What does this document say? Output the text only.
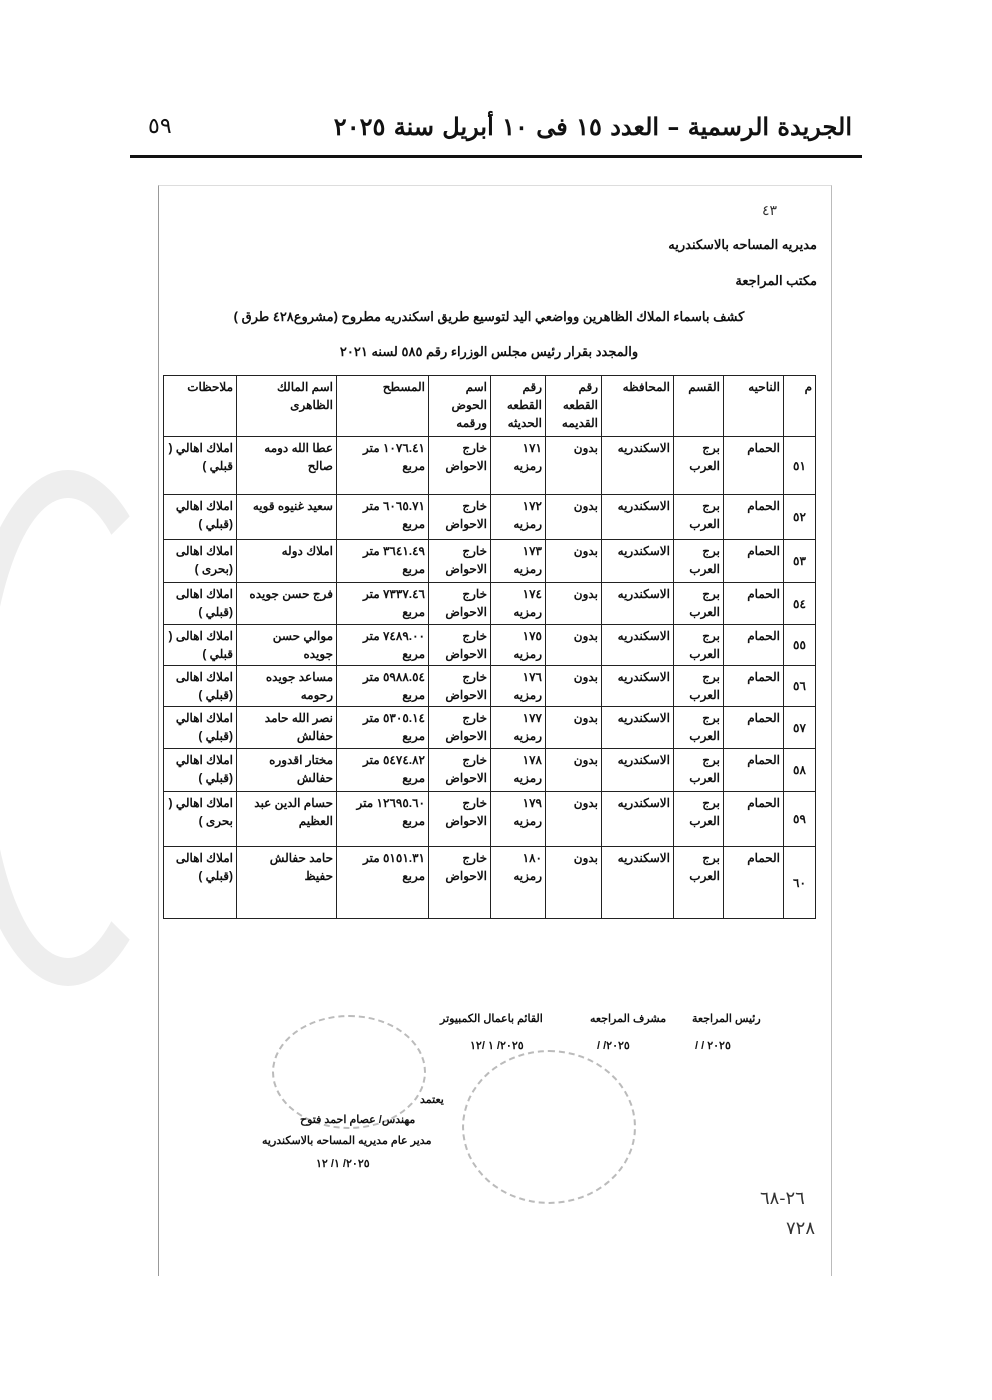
الجريدة الرسمية – العدد ١٥ فى ١٠ أبريل سنة ٢٠٢٥
٥٩
٤٣
مديريه المساحه بالاسكندريه
مكتب المراجعة
كشف باسماء الملاك الظاهرين وواضعي اليد لتوسيع طريق اسكندريه مطروح (مشروع٤٢٨ طرق )
والمجدد بقرار رئيس مجلس الوزراء رقم ٥٨٥ لسنه ٢٠٢١
م	الناحيه	القسم	المحافظه	رقم القطعه القديمه	رقم القطعه الحديثه	اسم الحوض ورقمه	المسطح	اسم المالك الظاهرى	ملاحظات
٥١	الحمام	برج العرب	الاسكندريه	بدون	١٧١ رمزيه	خارج الاحواض	١٠٧٦.٤١ متر مربع	عطا الله دومه صالح	املاك اهالي ( قبلي )
٥٢	الحمام	برج العرب	الاسكندريه	بدون	١٧٢ رمزيه	خارج الاحواض	٦٠٦٥.٧١ متر مربع	سعيد غنيوه قويه	املاك اهالي (قبلي )
٥٣	الحمام	برج العرب	الاسكندريه	بدون	١٧٣ رمزيه	خارج الاحواض	٣٦٤١.٤٩ متر مربع	املاك دوله	املاك اهالى (بحرى )
٥٤	الحمام	برج العرب	الاسكندريه	بدون	١٧٤ رمزيه	خارج الاحواض	٧٣٣٧.٤٦ متر مربع	فرج حسن جويده	املاك اهالى (قبلي )
٥٥	الحمام	برج العرب	الاسكندريه	بدون	١٧٥ رمزيه	خارج الاحواض	٧٤٨٩.٠٠ متر مربع	موالي حسن جويده	املاك اهالى ( قبلي )
٥٦	الحمام	برج العرب	الاسكندريه	بدون	١٧٦ رمزيه	خارج الاحواض	٥٩٨٨.٥٤ متر مربع	مساعد جويده رحومه	املاك اهالى (قبلي )
٥٧	الحمام	برج العرب	الاسكندريه	بدون	١٧٧ رمزيه	خارج الاحواض	٥٣٠٥.١٤ متر مربع	نصر الله حامد حفالش	املاك اهالي (قبلي )
٥٨	الحمام	برج العرب	الاسكندريه	بدون	١٧٨ رمزيه	خارج الاحواض	٥٤٧٤.٨٢ متر مربع	مختار اقدوره حفالش	املاك اهالي (قبلي )
٥٩	الحمام	برج العرب	الاسكندريه	بدون	١٧٩ رمزيه	خارج الاحواض	١٢٦٩٥.٦٠ متر مربع	حسام الدين عبد العظيم	املاك اهالي ( بحرى )
٦٠	الحمام	برج العرب	الاسكندريه	بدون	١٨٠ رمزيه	خارج الاحواض	٥١٥١.٣١ متر مربع	حامد حفالش حفيظ	املاك اهالى (قبلي )
رئيس المراجعة
٢٠٢٥ / /
مشرف المراجعه
٢٠٢٥/ /
القائم باعمال الكمبيوتر
٢٠٢٥/ ١ /١٢
يعتمد
مهندس/ عصام احمد فتوح
مدير عام مديريه المساحه بالاسكندريه
٢٠٢٥/ ١/ ١٢
٢٦-٦٨
٧٢٨
